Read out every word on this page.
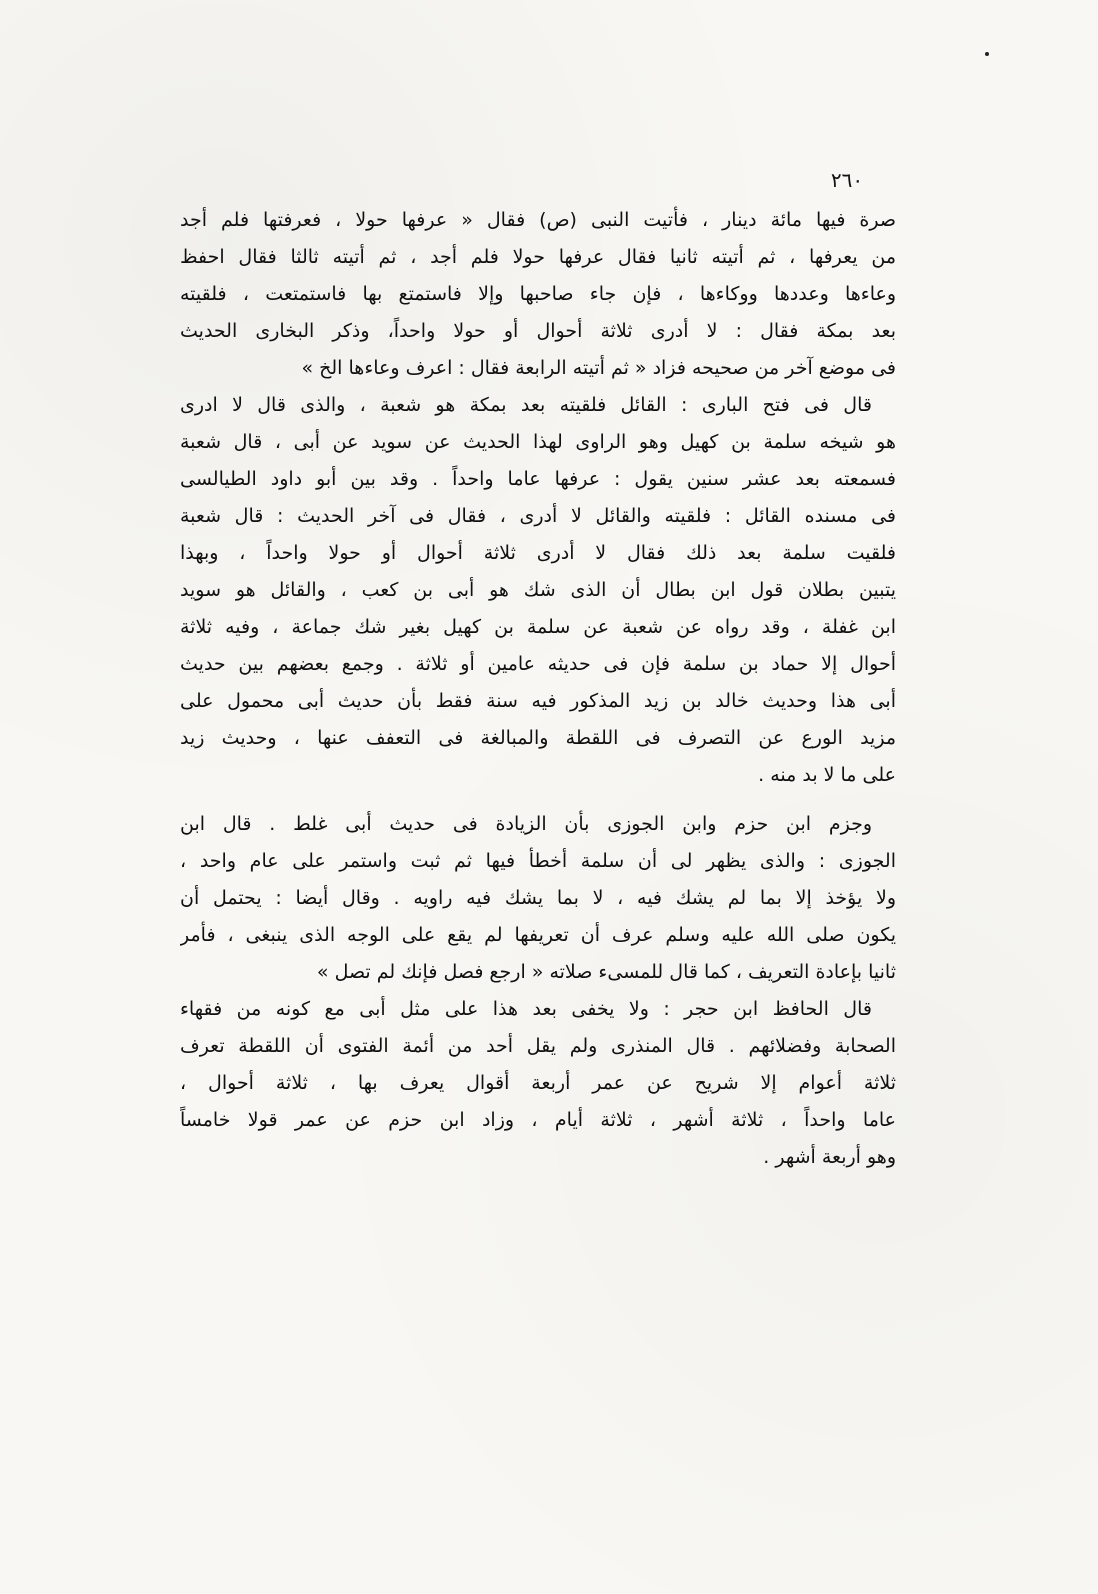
٢٦٠
صرة فيها مائة دينار ، فأتيت النبى (ص) فقال « عرفها حولا ، فعرفتها فلم أجد
من يعرفها ، ثم أتيته ثانيا فقال عرفها حولا فلم أجد ، ثم أتيته ثالثا فقال احفظ
وعاءها وعددها ووكاءها ، فإن جاء صاحبها وإلا فاستمتع بها فاستمتعت ، فلقيته
بعد بمكة فقال : لا أدرى ثلاثة أحوال أو حولا واحداً، وذكر البخارى الحديث
فى موضع آخر من صحيحه فزاد « ثم أتيته الرابعة فقال : اعرف وعاءها الخ »
قال فى فتح البارى : القائل فلقيته بعد بمكة هو شعبة ، والذى قال لا ادرى
هو شيخه سلمة بن كهيل وهو الراوى لهذا الحديث عن سويد عن أبى ، قال شعبة
فسمعته بعد عشر سنين يقول : عرفها عاما واحداً . وقد بين أبو داود الطيالسى
فى مسنده القائل : فلقيته والقائل لا أدرى ، فقال فى آخر الحديث : قال شعبة
فلقيت سلمة بعد ذلك فقال لا أدرى ثلاثة أحوال أو حولا واحداً ، وبهذا
يتبين بطلان قول ابن بطال أن الذى شك هو أبى بن كعب ، والقائل هو سويد
ابن غفلة ، وقد رواه عن شعبة عن سلمة بن كهيل بغير شك جماعة ، وفيه ثلاثة
أحوال إلا حماد بن سلمة فإن فى حديثه عامين أو ثلاثة . وجمع بعضهم بين حديث
أبى هذا وحديث خالد بن زيد المذكور فيه سنة فقط بأن حديث أبى محمول على
مزيد الورع عن التصرف فى اللقطة والمبالغة فى التعفف عنها ، وحديث زيد
على ما لا بد منه .
وجزم ابن حزم وابن الجوزى بأن الزيادة فى حديث أبى غلط . قال ابن
الجوزى : والذى يظهر لى أن سلمة أخطأ فيها ثم ثبت واستمر على عام واحد ،
ولا يؤخذ إلا بما لم يشك فيه ، لا بما يشك فيه راويه . وقال أيضا : يحتمل أن
يكون صلى الله عليه وسلم عرف أن تعريفها لم يقع على الوجه الذى ينبغى ، فأمر
ثانيا بإعادة التعريف ، كما قال للمسىء صلاته « ارجع فصل فإنك لم تصل »
قال الحافظ ابن حجر : ولا يخفى بعد هذا على مثل أبى مع كونه من فقهاء
الصحابة وفضلائهم . قال المنذرى ولم يقل أحد من أئمة الفتوى أن اللقطة تعرف
ثلاثة أعوام إلا شريح عن عمر أربعة أقوال يعرف بها ، ثلاثة أحوال ،
عاما واحداً ، ثلاثة أشهر ، ثلاثة أيام ، وزاد ابن حزم عن عمر قولا خامساً
وهو أربعة أشهر .
